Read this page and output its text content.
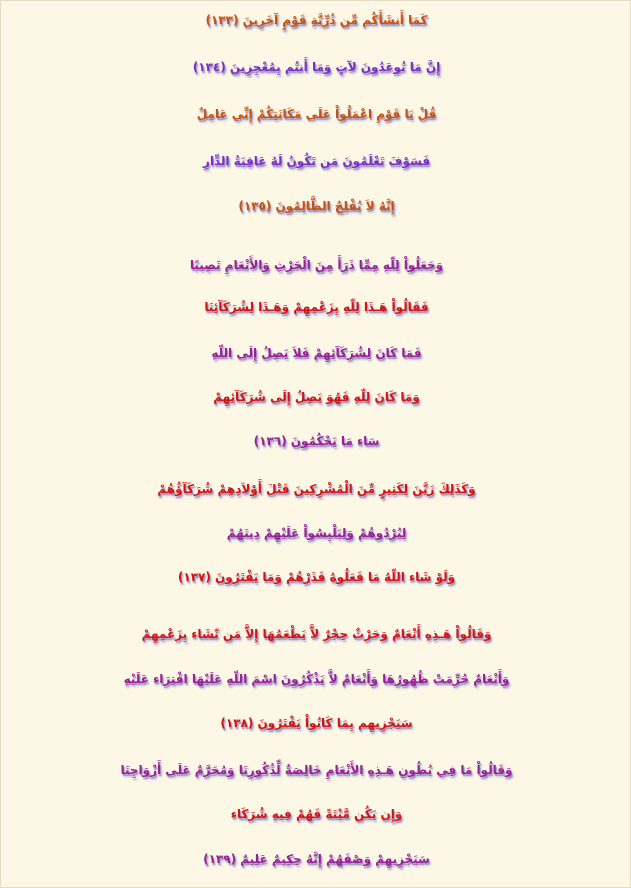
كَمَا أَنشَأَكُم مِّن ذُرِّيَّةِ قَوْمٍ آخَرِينَ (١٣٣)
إِنَّ مَا تُوعَدُونَ لآتٍ وَمَا أَنتُم بِمُعْجِزِينَ (١٣٤)
قُلْ يَا قَوْمِ اعْمَلُواْ عَلَى مَكَانَتِكُمْ إِنِّي عَامِلٌ
فَسَوْفَ تَعْلَمُونَ مَن تَكُونُ لَهُ عَاقِبَةُ الدِّارِ
إِنَّهُ لاَ يُفْلِحُ الظَّالِمُونَ (١٣٥)
وَجَعَلُواْ لِلّهِ مِمِّا ذَرَأَ مِنَ الْحَرْثِ وَالأَنْعَامِ نَصِيبًا
فَقَالُواْ هَـذَا لِلّهِ بِزَعْمِهِمْ وَهَـذَا لِشُرَكَآئِنَا
فَمَا كَانَ لِشُرَكَآئِهِمْ فَلاَ يَصِلُ إِلَى اللّهِ
وَمَا كَانَ لِلّهِ فَهُوَ يَصِلُ إِلَى شُرَكَآئِهِمْ
سَاء مَا يَحْكُمُونَ (١٣٦)
وَكَذَلِكَ زَيَّنَ لِكَثِيرٍ مِّنَ الْمُشْرِكِينَ قَتْلَ أَوْلاَدِهِمْ شُرَكَآؤُهُمْ
لِيُرْدُوهُمْ وَلِيَلْبِسُواْ عَلَيْهِمْ دِينَهُمْ
وَلَوْ شَاء اللّهُ مَا فَعَلُوهُ فَذَرْهُمْ وَمَا يَفْتَرُونَ (١٣٧)
وَقَالُواْ هَـذِهِ أَنْعَامٌ وَحَرْثٌ حِجْرٌ لاَّ يَطْعَمُهَا إِلاَّ مَن نّشَاء بِزَعْمِهِمْ
وَأَنْعَامٌ حُرِّمَتْ ظُهُورُهَا وَأَنْعَامٌ لاَّ يَذْكُرُونَ اسْمَ اللّهِ عَلَيْهَا افْتِرَاء عَلَيْهِ
سَيَجْزِيهِم بِمَا كَانُواْ يَفْتَرُونَ (١٣٨)
وَقَالُواْ مَا فِي بُطُونِ هَـذِهِ الأَنْعَامِ خَالِصَةٌ لِّذُكُورِنَا وَمُحَرَّمٌ عَلَى أَزْوَاجِنَا
وَإِن يَكُن مَّيْتَةً فَهُمْ فِيهِ شُرَكَاء
سَيَجْزِيهِمْ وَصْفَهُمْ إِنَّهُ حِكِيمٌ عَلِيمٌ (١٣٩)
